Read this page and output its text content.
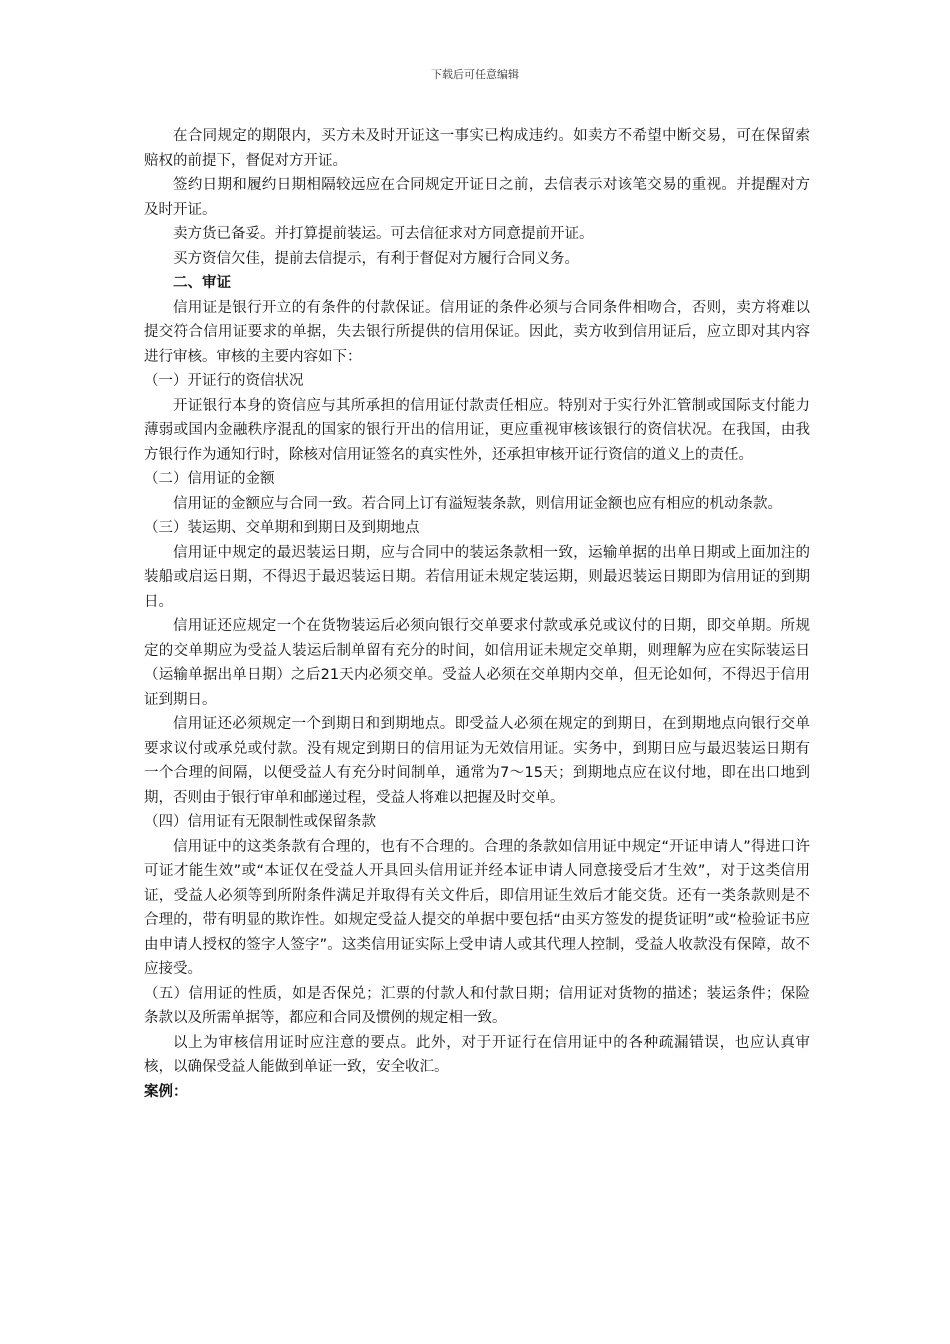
下载后可任意编辑

在合同规定的期限内，买方未及时开证这一事实已构成违约。如卖方不希望中断交易，可在保留索赔权的前提下，督促对方开证。

签约日期和履约日期相隔较远应在合同规定开证日之前，去信表示对该笔交易的重视。并提醒对方及时开证。

卖方货已备妥。并打算提前装运。可去信征求对方同意提前开证。

买方资信欠佳，提前去信提示，有利于督促对方履行合同义务。

二、审证

信用证是银行开立的有条件的付款保证。信用证的条件必须与合同条件相吻合，否则，卖方将难以提交符合信用证要求的单据，失去银行所提供的信用保证。因此，卖方收到信用证后，应立即对其内容进行审核。审核的主要内容如下：

（一）开证行的资信状况

开证银行本身的资信应与其所承担的信用证付款责任相应。特别对于实行外汇管制或国际支付能力薄弱或国内金融秩序混乱的国家的银行开出的信用证，更应重视审核该银行的资信状况。在我国，由我方银行作为通知行时，除核对信用证签名的真实性外，还承担审核开证行资信的道义上的责任。

（二）信用证的金额

信用证的金额应与合同一致。若合同上订有溢短装条款，则信用证金额也应有相应的机动条款。

（三）装运期、交单期和到期日及到期地点

信用证中规定的最迟装运日期，应与合同中的装运条款相一致，运输单据的出单日期或上面加注的装船或启运日期，不得迟于最迟装运日期。若信用证未规定装运期，则最迟装运日期即为信用证的到期日。

信用证还应规定一个在货物装运后必须向银行交单要求付款或承兑或议付的日期，即交单期。所规定的交单期应为受益人装运后制单留有充分的时间，如信用证未规定交单期，则理解为应在实际装运日（运输单据出单日期）之后21天内必须交单。受益人必须在交单期内交单，但无论如何，不得迟于信用证到期日。

信用证还必须规定一个到期日和到期地点。即受益人必须在规定的到期日，在到期地点向银行交单要求议付或承兑或付款。没有规定到期日的信用证为无效信用证。实务中，到期日应与最迟装运日期有一个合理的间隔，以便受益人有充分时间制单，通常为7～15天；到期地点应在议付地，即在出口地到期，否则由于银行审单和邮递过程，受益人将难以把握及时交单。

（四）信用证有无限制性或保留条款

信用证中的这类条款有合理的，也有不合理的。合理的条款如信用证中规定“开证申请人”得进口许可证才能生效”或“本证仅在受益人开具回头信用证并经本证申请人同意接受后才生效”，对于这类信用证，受益人必须等到所附条件满足并取得有关文件后，即信用证生效后才能交货。还有一类条款则是不合理的，带有明显的欺诈性。如规定受益人提交的单据中要包括“由买方签发的提货证明”或“检验证书应由申请人授权的签字人签字”。这类信用证实际上受申请人或其代理人控制，受益人收款没有保障，故不应接受。

（五）信用证的性质，如是否保兑；汇票的付款人和付款日期；信用证对货物的描述；装运条件；保险条款以及所需单据等，都应和合同及惯例的规定相一致。

以上为审核信用证时应注意的要点。此外，对于开证行在信用证中的各种疏漏错误，也应认真审核，以确保受益人能做到单证一致，安全收汇。

案例：
